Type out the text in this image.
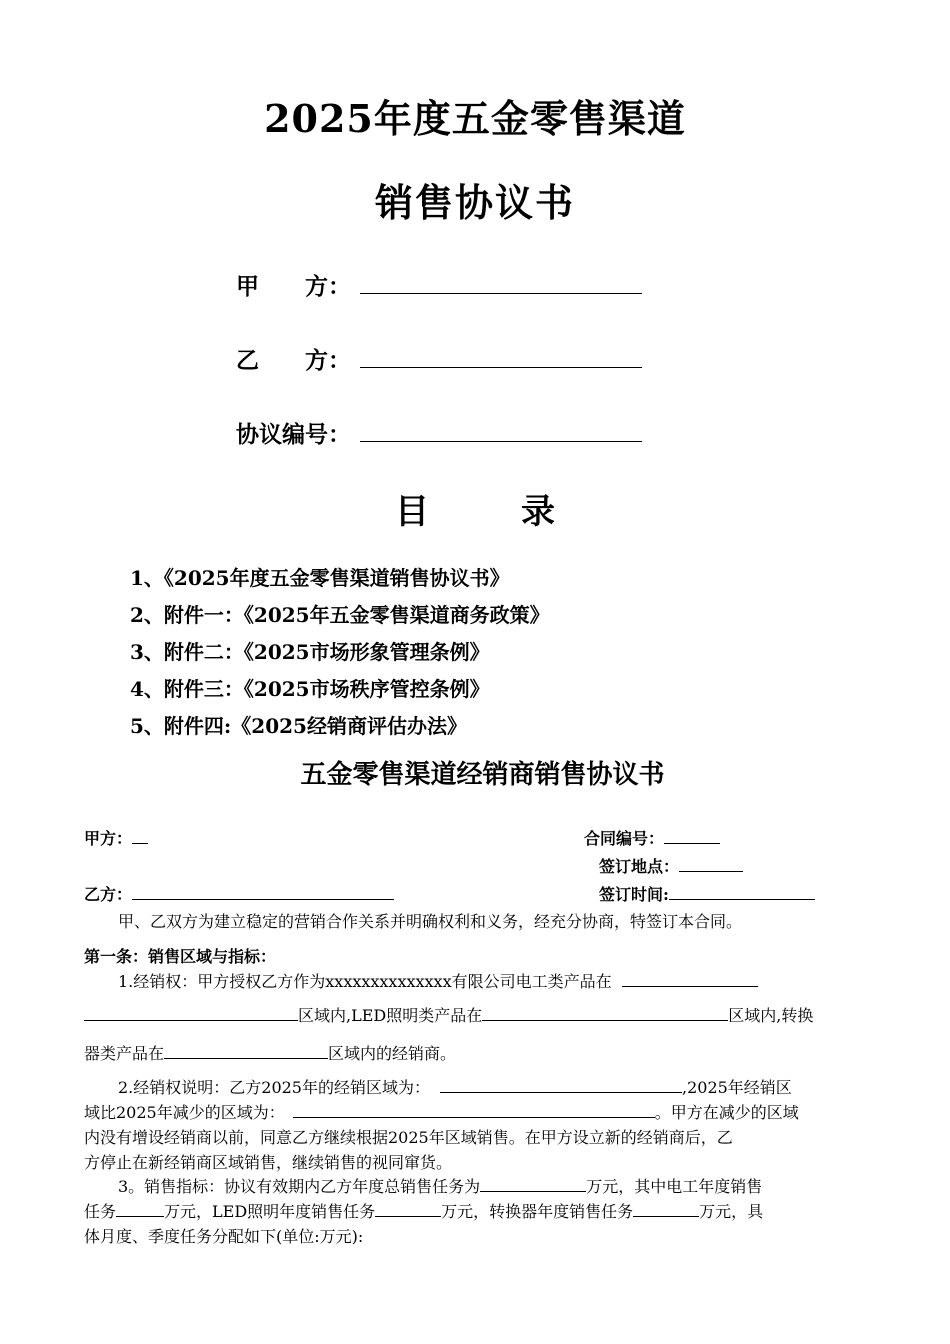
2025年度五金零售渠道
销售协议书
甲　　方：
乙　　方：
协议编号：
目	录
1、《2025年度五金零售渠道销售协议书》
2、附件一：《2025年五金零售渠道商务政策》
3、附件二：《2025市场形象管理条例》
4、附件三：《2025市场秩序管控条例》
5、附件四:《2025经销商评估办法》
五金零售渠道经销商销售协议书
甲方：	合同编号：
签订地点：
乙方：	签订时间:
甲、乙双方为建立稳定的营销合作关系并明确权利和义务，经充分协商，特签订本合同。
第一条：销售区域与指标：
1.经销权：甲方授权乙方作为xxxxxxxxxxxxxx有限公司电工类产品在
区域内,LED照明类产品在	区域内,转换
器类产品在	区域内的经销商。
2.经销权说明：乙方2025年的经销区域为：	,2025年经销区
域比2025年减少的区域为：	。甲方在减少的区域
内没有增设经销商以前，同意乙方继续根据2025年区域销售。在甲方设立新的经销商后，乙
方停止在新经销商区域销售，继续销售的视同窜货。
3。销售指标：协议有效期内乙方年度总销售任务为	万元，其中电工年度销售
任务	万元，LED照明年度销售任务	万元，转换器年度销售任务	万元，具
体月度、季度任务分配如下(单位:万元):
